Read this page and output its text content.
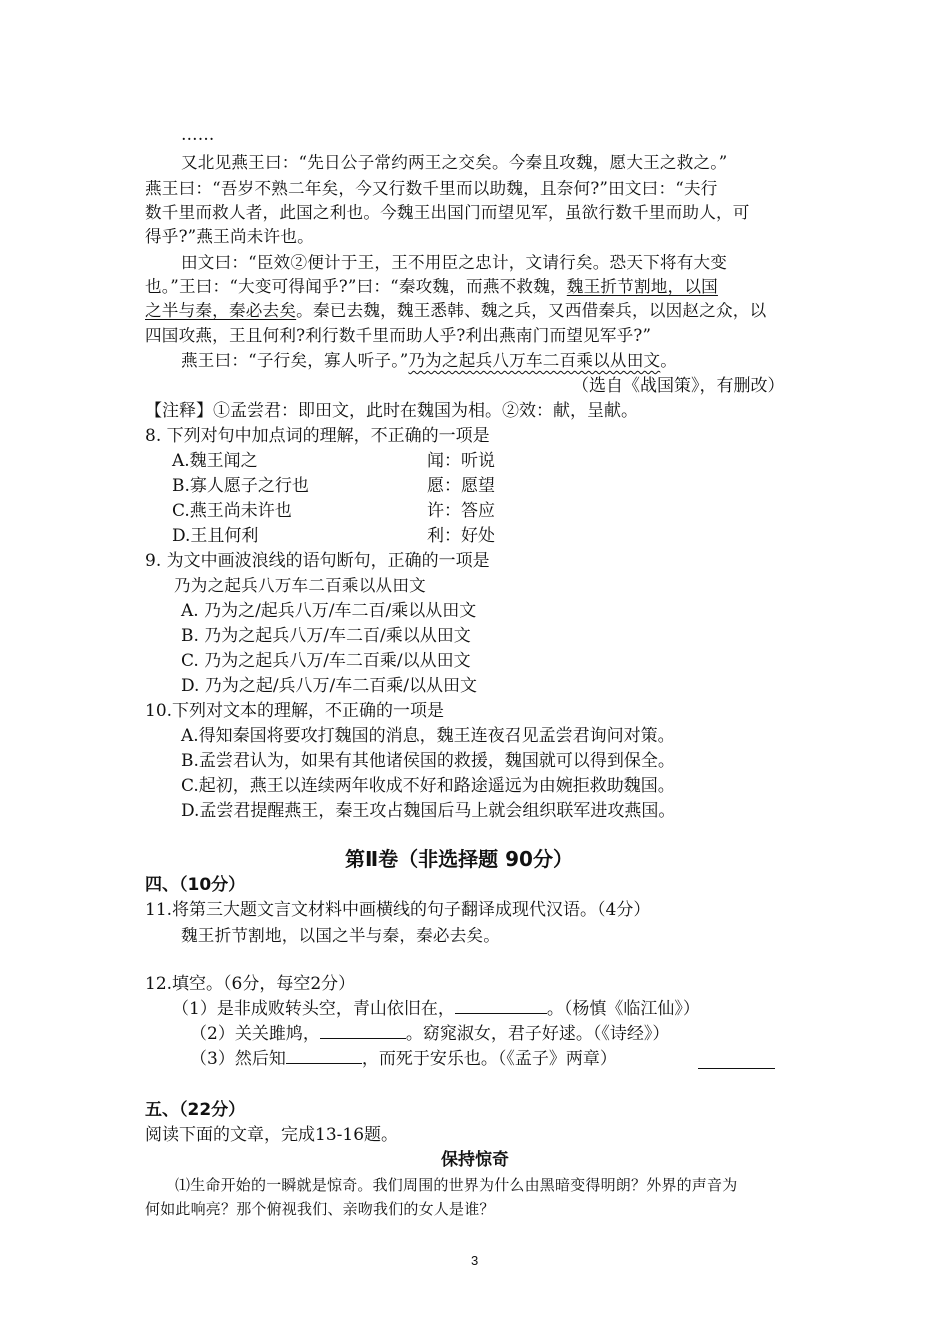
……
又北见燕王曰：“先日公子常约两王之交矣。今秦且攻魏，愿大王之救之。”
燕王曰：“吾岁不熟二年矣，今又行数千里而以助魏，且奈何?”田文曰：“夫行
数千里而救人者，此国之利也。今魏王出国门而望见军，虽欲行数千里而助人，可
得乎?”燕王尚未许也。
田文曰：“臣效②便计于王，王不用臣之忠计，文请行矣。恐天下将有大变
也。”王曰：“大变可得闻乎?”曰：“秦攻魏，而燕不救魏，魏王折节割地，以国
之半与秦，秦必去矣。秦已去魏，魏王悉韩、魏之兵，又西借秦兵，以因赵之众，以
四国攻燕，王且何利?利行数千里而助人乎?利出燕南门而望见军乎?”
燕王曰：“子行矣，寡人听子。”乃为之起兵八万车二百乘以从田文。
（选自《战国策》，有删改）
【注释】①孟尝君：即田文，此时在魏国为相。②效：献，呈献。
8. 下列对句中加点词的理解，不正确的一项是
A.魏王闻之	闻：听说
B.寡人愿子之行也	愿：愿望
C.燕王尚未许也	许：答应
D.王且何利	利：好处
9. 为文中画波浪线的语句断句，正确的一项是
乃为之起兵八万车二百乘以从田文
A. 乃为之/起兵八万/车二百/乘以从田文
B. 乃为之起兵八万/车二百/乘以从田文
C. 乃为之起兵八万/车二百乘/以从田文
D. 乃为之起/兵八万/车二百乘/以从田文
10.下列对文本的理解，不正确的一项是
A.得知秦国将要攻打魏国的消息，魏王连夜召见孟尝君询问对策。
B.孟尝君认为，如果有其他诸侯国的救援，魏国就可以得到保全。
C.起初，燕王以连续两年收成不好和路途遥远为由婉拒救助魏国。
D.孟尝君提醒燕王，秦王攻占魏国后马上就会组织联军进攻燕国。
第Ⅱ卷（非选择题 90分）
四、（10分）
11.将第三大题文言文材料中画横线的句子翻译成现代汉语。（4分）
魏王折节割地，以国之半与秦，秦必去矣。
12.填空。（6分，每空2分）
（1）是非成败转头空，青山依旧在，	。（杨慎《临江仙》）
（2）关关雎鸠，	。窈窕淑女，君子好逑。（《诗经》）
（3）然后知	，而死于安乐也。（《孟子》两章）
五、（22分）
阅读下面的文章，完成13-16题。
保持惊奇
⑴生命开始的一瞬就是惊奇。我们周围的世界为什么由黑暗变得明朗？外界的声音为
何如此响亮？那个俯视我们、亲吻我们的女人是谁？
3
